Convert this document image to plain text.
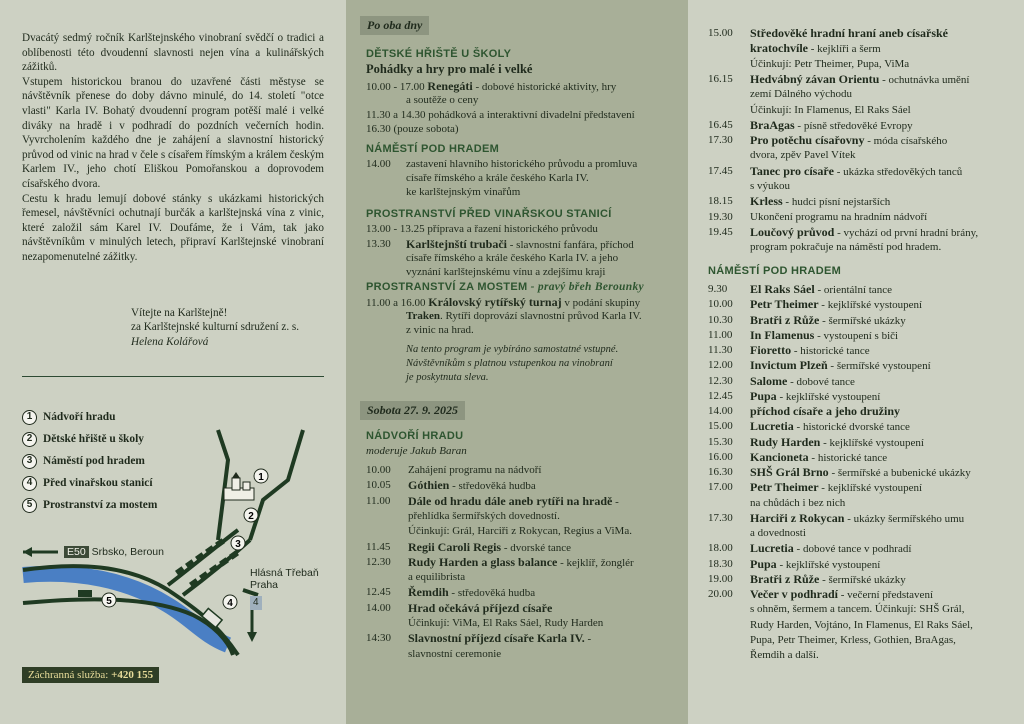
Dvacátý sedmý ročník Karlštejnského vinobraní svědčí o tradici a oblíbenosti této dvoudenní slavnosti nejen vína a kulinářských zážitků.

Vstupem historickou branou do uzavřené části městyse se návštěvník přenese do doby dávno minulé, do 14. století "otce vlasti" Karla IV. Bohatý dvoudenní program potěší malé i velké diváky na hradě i v podhradí do pozdních večerních hodin. Vyvrcholením každého dne je zahájení a slavnostní historický průvod od vinic na hrad v čele s císařem římským a králem českým Karlem IV., jeho chotí Eliškou Pomořanskou a doprovodem císařského dvora.

Cestu k hradu lemují dobové stánky s ukázkami historických řemesel, návštěvníci ochutnají burčák a karlštejnská vína z vinic, které založil sám Karel IV. Doufáme, že i Vám, tak jako návštěvníkům v minulých letech, připraví Karlštejnské vinobraní nezapomenutelné zážitky.

Vítejte na Karlštejně!
za Karlštejnské kulturní sdružení z. s.
Helena Kolářová
1
2
3
4
5
E50 Srbsko, Beroun
Hlásná Třebaň
Praha
4
1 Nádvoří hradu
2 Dětské hřiště u školy
3 Náměstí pod hradem
4 Před vinařskou stanicí
5 Prostranství za mostem
Záchranná služba: +420 155
Po oba dny
DĚTSKÉ HŘIŠTĚ U ŠKOLY
Pohádky a hry pro malé i velké
10.00 - 17.00 Renegáti - dobové historické aktivity, hry
a soutěže o ceny
11.30 a 14.30 pohádková a interaktivní divadelní představení
16.30 (pouze sobota)
NÁMĚSTÍ POD HRADEM
14.00 zastavení hlavního historického průvodu a promluva
císaře římského a krále českého Karla IV.
ke karlštejnským vinařům
PROSTRANSTVÍ PŘED VINAŘSKOU STANICÍ
13.00 - 13.25 příprava a řazení historického průvodu
13.30 Karlštejnští trubači - slavnostní fanfára, příchod
císaře římského a krále českého Karla IV. a jeho
vyznání karlštejnskému vínu a zdejšímu kraji
PROSTRANSTVÍ ZA MOSTEM - pravý břeh Berounky
11.00 a 16.00 Královský rytířský turnaj v podání skupiny
Traken. Rytíři doprovází slavnostní průvod Karla IV.
z vinic na hrad.
Na tento program je vybíráno samostatné vstupné.
Návštěvníkům s platnou vstupenkou na vinobraní
je poskytnuta sleva.
Sobota 27. 9. 2025
NÁDVOŘÍ HRADU
moderuje Jakub Baran
10.00 Zahájení programu na nádvoří
10.05 Góthien - středověká hudba
11.00 Dále od hradu dále aneb rytíři na hradě -
přehlídka šermířských dovedností.
Účinkují: Grál, Harciři z Rokycan, Regius a ViMa.
11.45 Regii Caroli Regis - dvorské tance
12.30 Rudy Harden a glass balance - kejklíř, žonglér
a equilibrista
12.45 Řemdih - středověká hudba
14.00 Hrad očekává příjezd císaře
Účinkují: ViMa, El Raks Sáel, Rudy Harden
14:30 Slavnostní příjezd císaře Karla IV. -
slavnostní ceremonie
15.00 Středověké hradní hraní aneb císařské
kratochvíle - kejklíři a šerm
Účinkují: Petr Theimer, Pupa, ViMa
16.15 Hedvábný závan Orientu - ochutnávka umění
zemí Dálného východu
Účinkují: In Flamenus, El Raks Sáel
16.45 BraAgas - písně středověké Evropy
17.30 Pro potěchu císařovny - móda císařského
dvora, zpěv Pavel Vítek
17.45 Tanec pro císaře - ukázka středověkých tanců
s výukou
18.15 Krless - hudci písní nejstarších
19.30 Ukončení programu na hradním nádvoří
19.45 Loučový průvod - vychází od první hradní brány,
program pokračuje na náměstí pod hradem.
NÁMĚSTÍ POD HRADEM
9.30 El Raks Sáel - orientální tance
10.00 Petr Theimer - kejklířské vystoupení
10.30 Bratři z Růže - šermířské ukázky
11.00 In Flamenus - vystoupení s biči
11.30 Fioretto - historické tance
12.00 Invictum Plzeň - šermířské vystoupení
12.30 Salome - dobové tance
12.45 Pupa - kejklířské vystoupení
14.00 příchod císaře a jeho družiny
15.00 Lucretia - historické dvorské tance
15.30 Rudy Harden - kejklířské vystoupení
16.00 Kancioneta - historické tance
16.30 SHŠ Grál Brno - šermířské a bubenické ukázky
17.00 Petr Theimer - kejklířské vystoupení
na chůdách i bez nich
17.30 Harciři z Rokycan - ukázky šermířského umu
a dovednosti
18.00 Lucretia - dobové tance v podhradí
18.30 Pupa - kejklířské vystoupení
19.00 Bratři z Růže - šermířské ukázky
20.00 Večer v podhradí - večerní představení
s ohněm, šermem a tancem. Účinkují: SHŠ Grál,
Rudy Harden, Vojtáno, In Flamenus, El Raks Sáel,
Pupa, Petr Theimer, Krless, Gothien, BraAgas,
Řemdih a další.
